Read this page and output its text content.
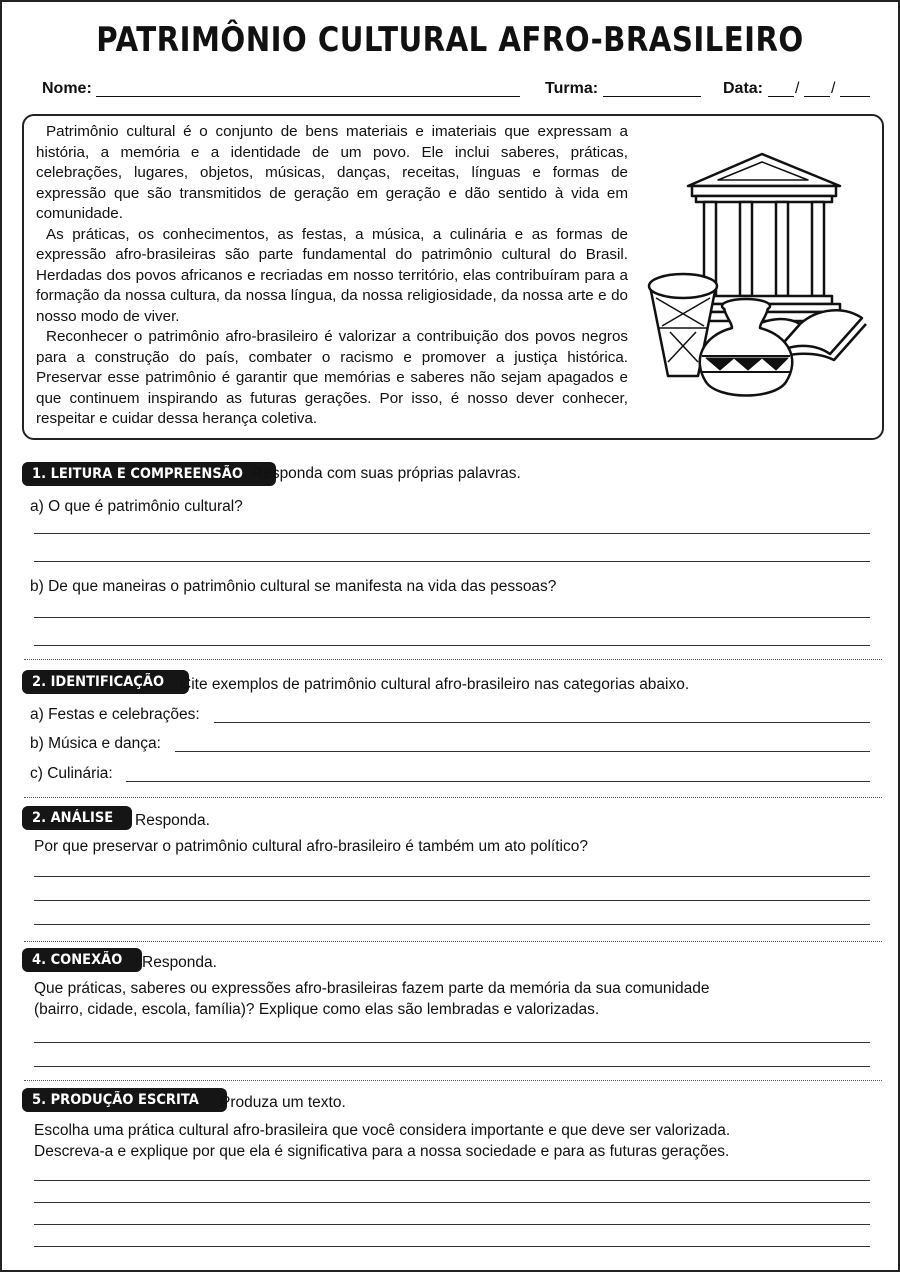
PATRIMÔNIO CULTURAL AFRO-BRASILEIRO
Nome:	Turma:	Data: / /

Patrimônio cultural é o conjunto de bens materiais e imateriais que expressam a história, a memória e a identidade de um povo. Ele inclui saberes, práticas, celebrações, lugares, objetos, músicas, danças, receitas, línguas e formas de expressão que são transmitidos de geração em geração e dão sentido à vida em comunidade.

As práticas, os conhecimentos, as festas, a música, a culinária e as formas de expressão afro-brasileiras são parte fundamental do patrimônio cultural do Brasil. Herdadas dos povos africanos e recriadas em nosso território, elas contribuíram para a formação da nossa cultura, da nossa língua, da nossa religiosidade, da nossa arte e do nosso modo de viver.

Reconhecer o patrimônio afro-brasileiro é valorizar a contribuição dos povos negros para a construção do país, combater o racismo e promover a justiça histórica. Preservar esse patrimônio é garantir que memórias e saberes não sejam apagados e que continuem inspirando as futuras gerações. Por isso, é nosso dever conhecer, respeitar e cuidar dessa herança coletiva.

1. LEITURA E COMPREENSÃO Responda com suas próprias palavras.
a) O que é patrimônio cultural?
b) De que maneiras o patrimônio cultural se manifesta na vida das pessoas?
2. IDENTIFICAÇÃO	Cite exemplos de patrimônio cultural afro-brasileiro nas categorias abaixo.
a) Festas e celebrações:
b) Música e dança:
c) Culinária:
2. ANÁLISE	Responda.
Por que preservar o patrimônio cultural afro-brasileiro é também um ato político?
4. CONEXÃO	Responda.
Que práticas, saberes ou expressões afro-brasileiras fazem parte da memória da sua comunidade
(bairro, cidade, escola, família)? Explique como elas são lembradas e valorizadas.
5. PRODUÇÃO ESCRITA	Produza um texto.
Escolha uma prática cultural afro-brasileira que você considera importante e que deve ser valorizada.
Descreva-a e explique por que ela é significativa para a nossa sociedade e para as futuras gerações.
